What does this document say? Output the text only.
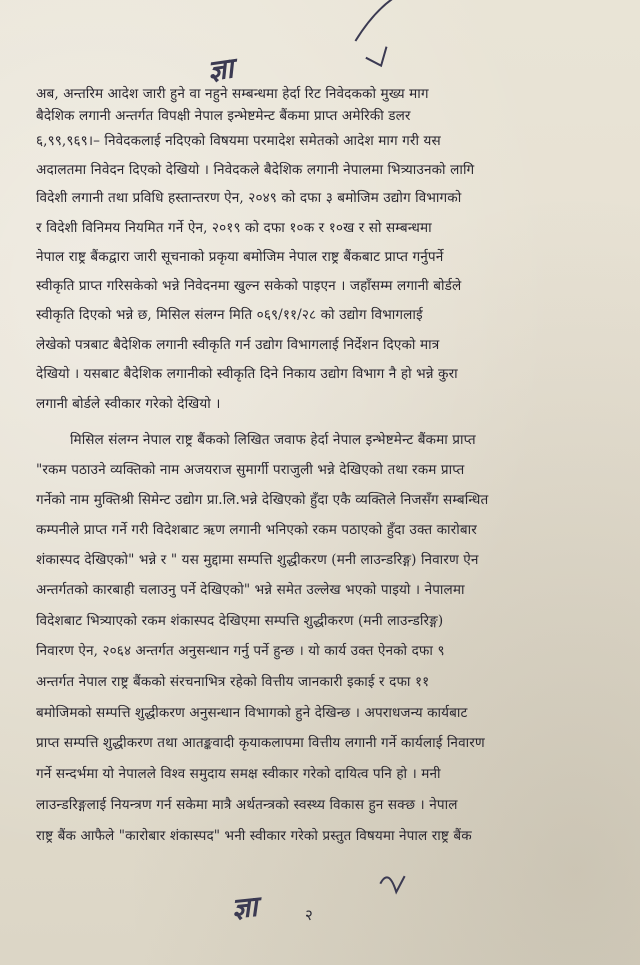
ज्ञा
अब, अन्तरिम आदेश जारी हुने वा नहुने सम्बन्धमा हेर्दा रिट निवेदकको मुख्य माग
बैदेशिक लगानी अन्तर्गत विपक्षी नेपाल इन्भेष्टमेन्ट बैंकमा प्राप्त अमेरिकी डलर
६,९९,९६९।– निवेदकलाई नदिएको विषयमा परमादेश समेतको आदेश माग गरी यस
अदालतमा निवेदन दिएको देखियो । निवेदकले बैदेशिक लगानी नेपालमा भित्र्याउनको लागि
विदेशी लगानी तथा प्रविधि हस्तान्तरण ऐन, २०४९ को दफा ३ बमोजिम उद्योग विभागको
र विदेशी विनिमय नियमित गर्ने ऐन, २०१९ को दफा १०क र १०ख र सो सम्बन्धमा
नेपाल राष्ट्र बैंकद्वारा जारी सूचनाको प्रकृया बमोजिम नेपाल राष्ट्र बैंकबाट प्राप्त गर्नुपर्ने
स्वीकृति प्राप्त गरिसकेको भन्ने निवेदनमा खुल्न सकेको पाइएन । जहाँसम्म लगानी बोर्डले
स्वीकृति दिएको भन्ने छ, मिसिल संलग्न मिति ०६९/११/२८ को उद्योग विभागलाई
लेखेको पत्रबाट बैदेशिक लगानी स्वीकृति गर्न उद्योग विभागलाई निर्देशन दिएको मात्र
देखियो । यसबाट बैदेशिक लगानीको स्वीकृति दिने निकाय उद्योग विभाग नै हो भन्ने कुरा
लगानी बोर्डले स्वीकार गरेको देखियो ।
मिसिल संलग्न नेपाल राष्ट्र बैंकको लिखित जवाफ हेर्दा नेपाल इन्भेष्टमेन्ट बैंकमा प्राप्त
"रकम पठाउने व्यक्तिको नाम अजयराज सुमार्गी पराजुली भन्ने देखिएको तथा रकम प्राप्त
गर्नेको नाम मुक्तिश्री सिमेन्ट उद्योग प्रा.लि.भन्ने देखिएको हुँदा एकै व्यक्तिले निजसँग सम्बन्धित
कम्पनीले प्राप्त गर्ने गरी विदेशबाट ऋण लगानी भनिएको रकम पठाएको हुँदा उक्त कारोबार
शंकास्पद देखिएको" भन्ने र " यस मुद्दामा सम्पत्ति शुद्धीकरण (मनी लाउन्डरिङ्ग) निवारण ऐन
अन्तर्गतको कारबाही चलाउनु पर्ने देखिएको" भन्ने समेत उल्लेख भएको पाइयो । नेपालमा
विदेशबाट भित्र्याएको रकम शंकास्पद देखिएमा सम्पत्ति शुद्धीकरण (मनी लाउन्डरिङ्ग)
निवारण ऐन, २०६४ अन्तर्गत अनुसन्धान गर्नु पर्ने हुन्छ । यो कार्य उक्त ऐनको दफा ९
अन्तर्गत नेपाल राष्ट्र बैंकको संरचनाभित्र रहेको वित्तीय जानकारी इकाई र दफा ११
बमोजिमको सम्पत्ति शुद्धीकरण अनुसन्धान विभागको हुने देखिन्छ । अपराधजन्य कार्यबाट
प्राप्त सम्पत्ति शुद्धीकरण तथा आतङ्कवादी कृयाकलापमा वित्तीय लगानी गर्ने कार्यलाई निवारण
गर्ने सन्दर्भमा यो नेपालले विश्व समुदाय समक्ष स्वीकार गरेको दायित्व पनि हो । मनी
लाउन्डरिङ्गलाई नियन्त्रण गर्न सकेमा मात्रै अर्थतन्त्रको स्वस्थ्य विकास हुन सक्छ । नेपाल
राष्ट्र बैंक आफैले "कारोबार शंकास्पद" भनी स्वीकार गरेको प्रस्तुत विषयमा नेपाल राष्ट्र बैंक
ज्ञा	२
